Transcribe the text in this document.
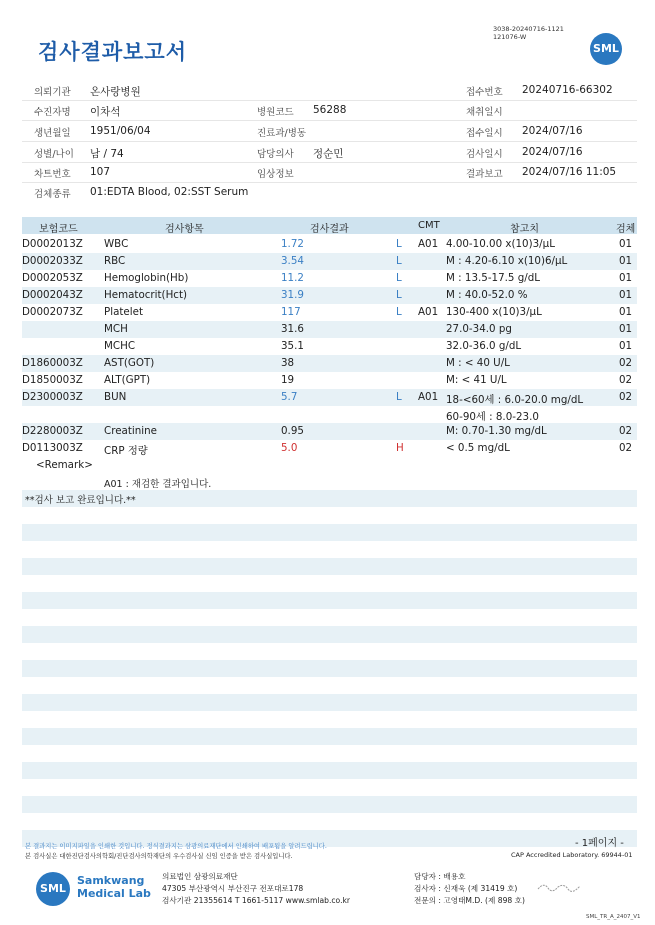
검사결과보고서
3038-20240716-1121
121076-W
SML
의뢰기관 온사랑병원	접수번호 20240716-66302
수진자명 이차석	병원코드 56288	채취일시
생년월일 1951/06/04	진료과/병동	접수일시 2024/07/16
성별/나이 남 / 74	담당의사 정순민	검사일시 2024/07/16
차트번호 107	임상정보	결과보고 2024/07/16 11:05
검체종류 01:EDTA Blood, 02:SST Serum
보험코드	검사항목	검사결과	CMT	참고치	검체
D0002013Z WBC	1.72	L A01 4.00-10.00 x(10)3/μL	01
D0002033Z RBC	3.54	L	M : 4.20-6.10 x(10)6/μL	01
D0002053Z Hemoglobin(Hb)	11.2	L	M : 13.5-17.5 g/dL	01
D0002043Z Hematocrit(Hct)	31.9	L	M : 40.0-52.0 %	01
D0002073Z Platelet	117	L A01 130-400 x(10)3/μL	01
MCH	31.6	27.0-34.0 pg	01
MCHC	35.1	32.0-36.0 g/dL	01
D1860003Z AST(GOT)	38	M : < 40 U/L	02
D1850003Z ALT(GPT)	19	M: < 41 U/L	02
D2300003Z BUN	5.7	L A01 18-<60세 : 6.0-20.0 mg/dL	02
60-90세 : 8.0-23.0
D2280003Z Creatinine	0.95	M: 0.70-1.30 mg/dL	02
D0113003Z CRP 정량	5.0	H	< 0.5 mg/dL	02
<Remark>
A01 : 재검한 결과입니다.
**검사 보고 완료입니다.**
본 결과지는 이미지파일을 인쇄한 것입니다. 정식결과지는 삼광의료재단에서 인쇄하여 배포됨을 알려드립니다.
본 검사실은 대한진단검사의학회/진단검사의학재단의 우수검사실 신임 인증을 받은 검사실입니다.
- 1페이지 -
CAP Accredited Laboratory. 69944-01
SML
Samkwang
Medical Lab
의료법인 삼광의료재단
47305 부산광역시 부산진구 전포대로178
검사기관 21355614 T 1661-5117 www.smlab.co.kr
담당자 : 배용호
검사자 : 신재욱 (제 31419 호)
전문의 : 고영태M.D. (제 898 호)
SML_TR_A_2407_V1
